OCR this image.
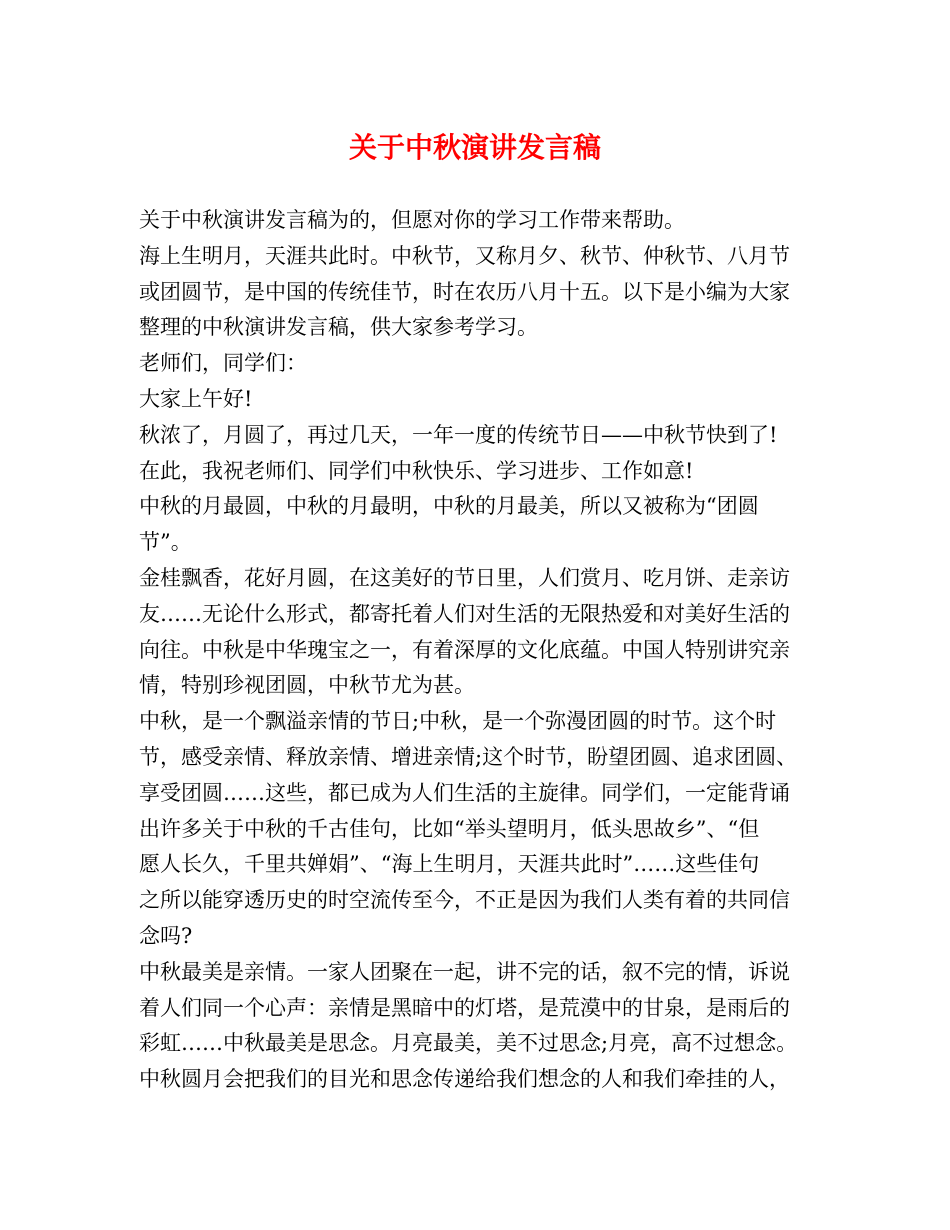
关于中秋演讲发言稿

关于中秋演讲发言稿为的，但愿对你的学习工作带来帮助。

海上生明月，天涯共此时。中秋节，又称月夕、秋节、仲秋节、八月节
或团圆节，是中国的传统佳节，时在农历八月十五。以下是小编为大家
整理的中秋演讲发言稿，供大家参考学习。

老师们，同学们：

大家上午好!

秋浓了，月圆了，再过几天，一年一度的传统节日——中秋节快到了!

在此，我祝老师们、同学们中秋快乐、学习进步、工作如意!

中秋的月最圆，中秋的月最明，中秋的月最美，所以又被称为“团圆
节”。

金桂飘香，花好月圆，在这美好的节日里，人们赏月、吃月饼、走亲访
友……无论什么形式，都寄托着人们对生活的无限热爱和对美好生活的
向往。中秋是中华瑰宝之一，有着深厚的文化底蕴。中国人特别讲究亲
情，特别珍视团圆，中秋节尤为甚。

中秋，是一个飘溢亲情的节日;中秋，是一个弥漫团圆的时节。这个时
节，感受亲情、释放亲情、增进亲情;这个时节，盼望团圆、追求团圆、
享受团圆……这些，都已成为人们生活的主旋律。同学们，一定能背诵
出许多关于中秋的千古佳句，比如“举头望明月，低头思故乡”、“但
愿人长久，千里共婵娟”、“海上生明月，天涯共此时”……这些佳句
之所以能穿透历史的时空流传至今，不正是因为我们人类有着的共同信
念吗?

中秋最美是亲情。一家人团聚在一起，讲不完的话，叙不完的情，诉说
着人们同一个心声：亲情是黑暗中的灯塔，是荒漠中的甘泉，是雨后的
彩虹……中秋最美是思念。月亮最美，美不过思念;月亮，高不过想念。
中秋圆月会把我们的目光和思念传递给我们想念的人和我们牵挂的人，
